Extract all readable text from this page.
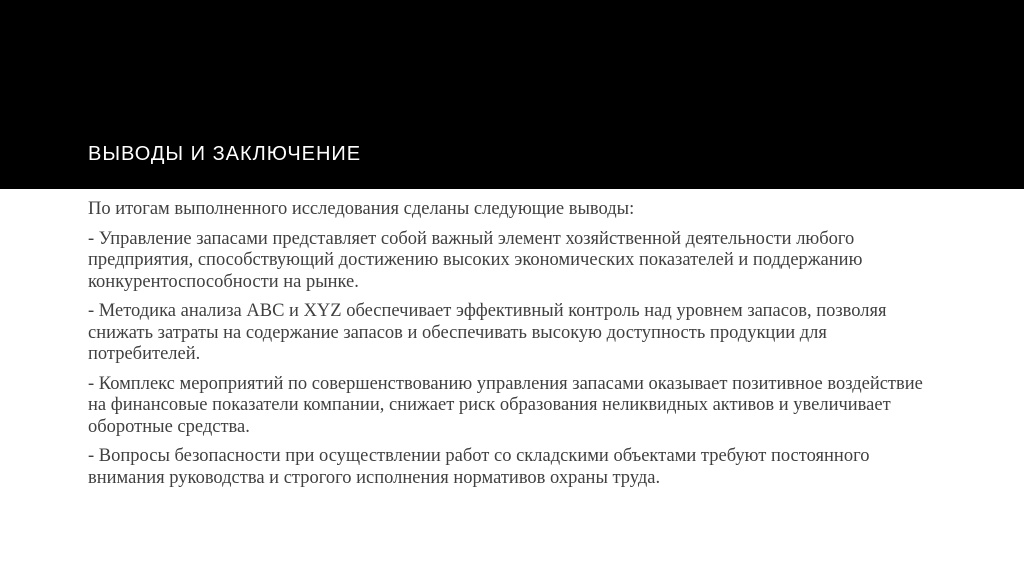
ВЫВОДЫ И ЗАКЛЮЧЕНИЕ

По итогам выполненного исследования сделаны следующие выводы:

- Управление запасами представляет собой важный элемент хозяйственной деятельности любого предприятия, способствующий достижению высоких экономических показателей и поддержанию конкурентоспособности на рынке.

- Методика анализа ABC и XYZ обеспечивает эффективный контроль над уровнем запасов, позволяя снижать затраты на содержание запасов и обеспечивать высокую доступность продукции для потребителей.

- Комплекс мероприятий по совершенствованию управления запасами оказывает позитивное воздействие на финансовые показатели компании, снижает риск образования неликвидных активов и увеличивает оборотные средства.

- Вопросы безопасности при осуществлении работ со складскими объектами требуют постоянного внимания руководства и строгого исполнения нормативов охраны труда.
